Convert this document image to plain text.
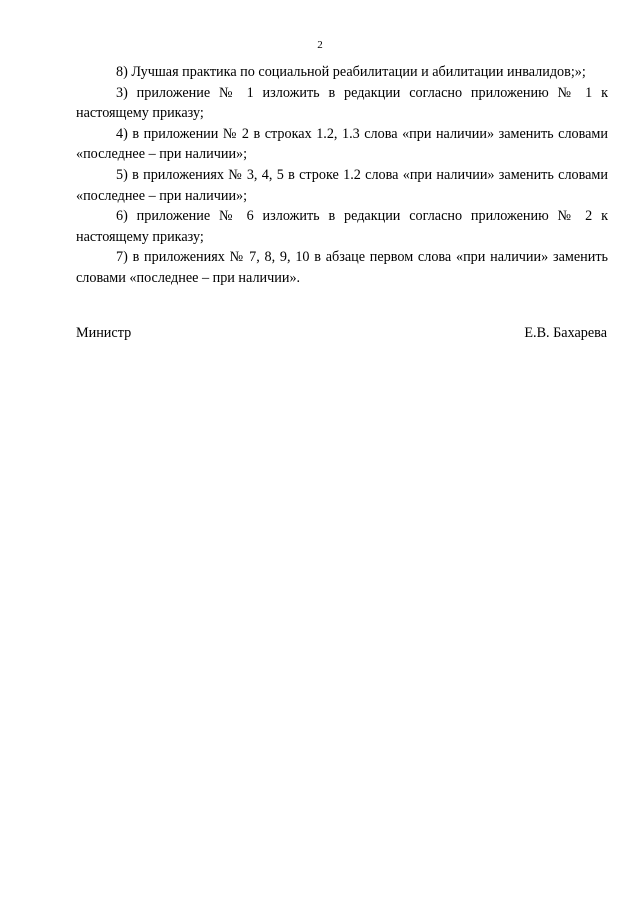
2

8) Лучшая практика по социальной реабилитации и абилитации инвалидов;»;

3) приложение № 1 изложить в редакции согласно приложению № 1 к настоящему приказу;

4) в приложении № 2 в строках 1.2, 1.3 слова «при наличии» заменить словами «последнее – при наличии»;

5) в приложениях № 3, 4, 5 в строке 1.2 слова «при наличии» заменить словами «последнее – при наличии»;

6) приложение № 6 изложить в редакции согласно приложению № 2 к настоящему приказу;

7) в приложениях № 7, 8, 9, 10 в абзаце первом слова «при наличии» заменить словами «последнее – при наличии».

Министр	Е.В. Бахарева
